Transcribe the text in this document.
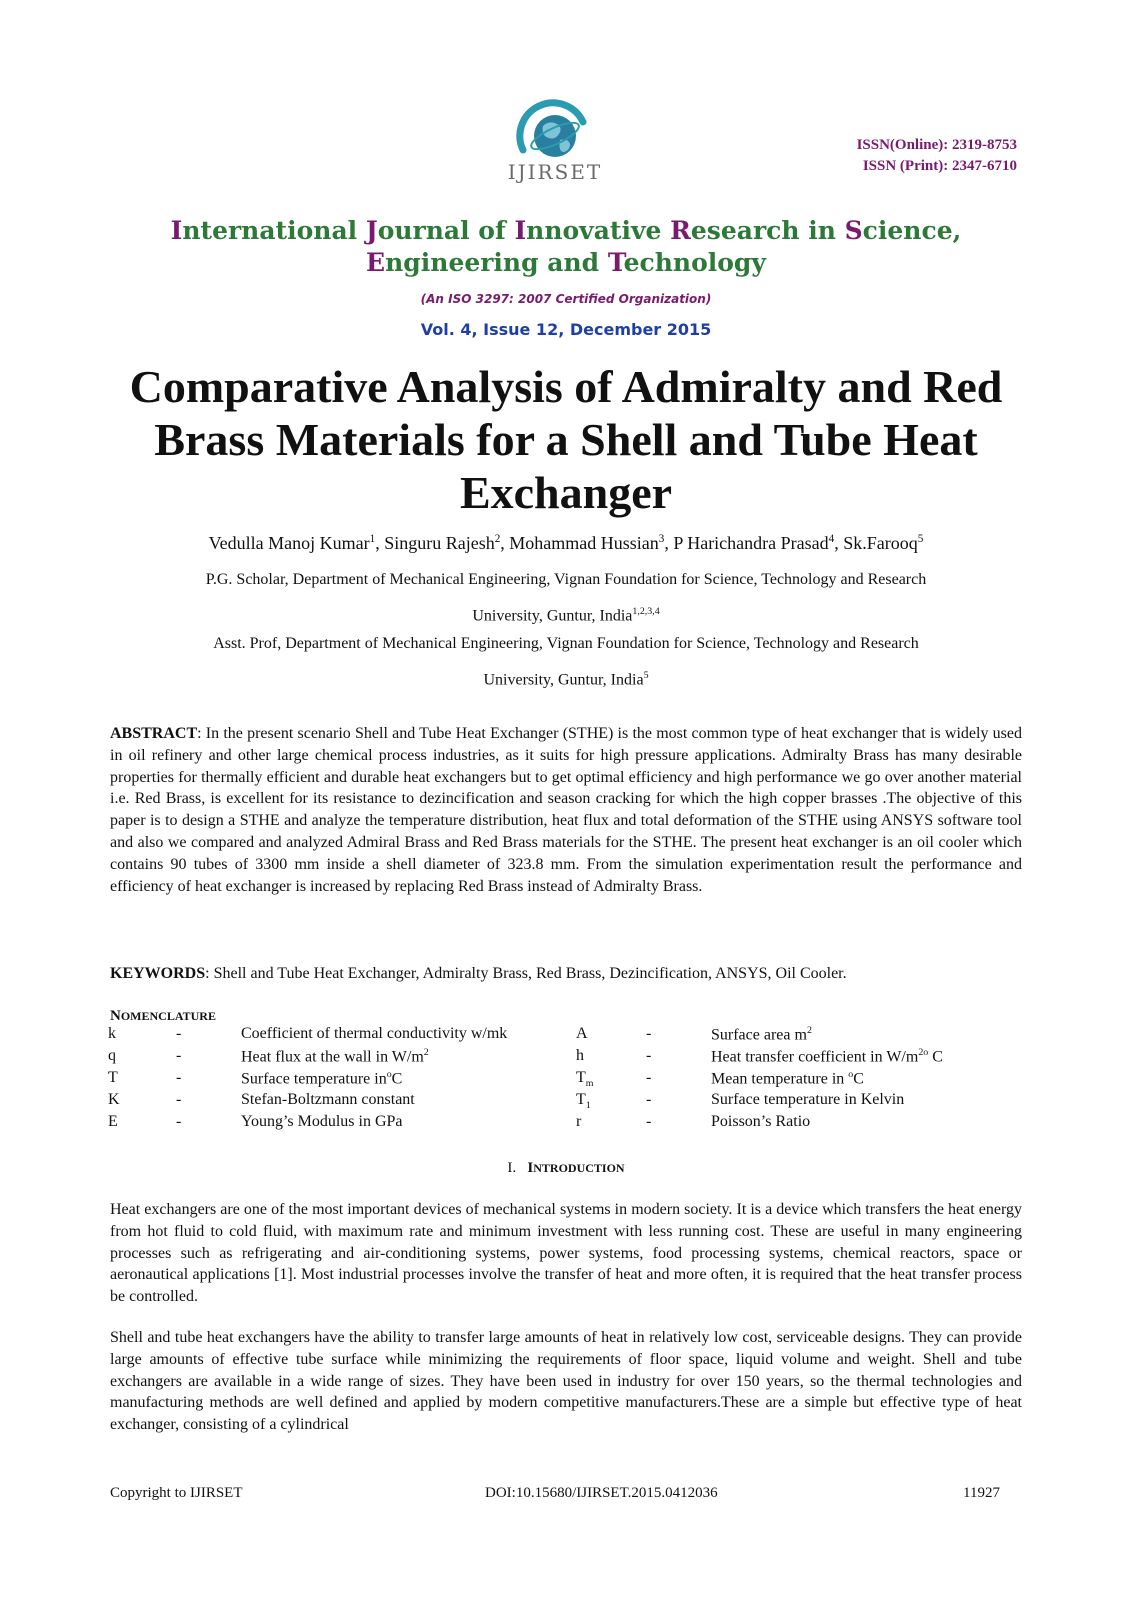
IJIRSET
ISSN(Online): 2319-8753
ISSN (Print): 2347-6710
International Journal of Innovative Research in Science,
Engineering and Technology
(An ISO 3297: 2007 Certified Organization)
Vol. 4, Issue 12, December 2015
Comparative Analysis of Admiralty and Red
Brass Materials for a Shell and Tube Heat
Exchanger
Vedulla Manoj Kumar$^1$, Singuru Rajesh$^2$, Mohammad Hussian$^3$, P Harichandra Prasad$^4$, Sk.Farooq$^5$
P.G. Scholar, Department of Mechanical Engineering, Vignan Foundation for Science, Technology and Research
University, Guntur, India$^{1,2,3,4}$
Asst. Prof, Department of Mechanical Engineering, Vignan Foundation for Science, Technology and Research
University, Guntur, India$^5$
ABSTRACT: In the present scenario Shell and Tube Heat Exchanger (STHE) is the most common type of heat exchanger that is widely used in oil refinery and other large chemical process industries, as it suits for high pressure applications. Admiralty Brass has many desirable properties for thermally efficient and durable heat exchangers but to get optimal efficiency and high performance we go over another material i.e. Red Brass, is excellent for its resistance to dezincification and season cracking for which the high copper brasses .The objective of this paper is to design a STHE and analyze the temperature distribution, heat flux and total deformation of the STHE using ANSYS software tool and also we compared and analyzed Admiral Brass and Red Brass materials for the STHE. The present heat exchanger is an oil cooler which contains 90 tubes of 3300 mm inside a shell diameter of 323.8 mm. From the simulation experimentation result the performance and efficiency of heat exchanger is increased by replacing Red Brass instead of Admiralty Brass.
KEYWORDS: Shell and Tube Heat Exchanger, Admiralty Brass, Red Brass, Dezincification, ANSYS, Oil Cooler.
NOMENCLATURE
k	-	Coefficient of thermal conductivity w/mk	A	-	Surface area $m^2$
q	-	Heat flux at the wall in $W/m^2$	h	-	Heat transfer coefficient in $W/m^{2o}$ C
T	-	Surface temperature $in^oC$	$T_m$	-	Mean temperature in $^o$C
K	-	Stefan-Boltzmann constant	$T_1$	-	Surface temperature in Kelvin
E	-	Young’s Modulus in GPa	r	-	Poisson’s Ratio
I. INTRODUCTION
Heat exchangers are one of the most important devices of mechanical systems in modern society. It is a device which transfers the heat energy from hot fluid to cold fluid, with maximum rate and minimum investment with less running cost. These are useful in many engineering processes such as refrigerating and air-conditioning systems, power systems, food processing systems, chemical reactors, space or aeronautical applications [1]. Most industrial processes involve the transfer of heat and more often, it is required that the heat transfer process be controlled.
Shell and tube heat exchangers have the ability to transfer large amounts of heat in relatively low cost, serviceable designs. They can provide large amounts of effective tube surface while minimizing the requirements of floor space, liquid volume and weight. Shell and tube exchangers are available in a wide range of sizes. They have been used in industry for over 150 years, so the thermal technologies and manufacturing methods are well defined and applied by modern competitive manufacturers.These are a simple but effective type of heat exchanger, consisting of a cylindrical
Copyright to IJIRSET	DOI:10.15680/IJIRSET.2015.0412036	11927
